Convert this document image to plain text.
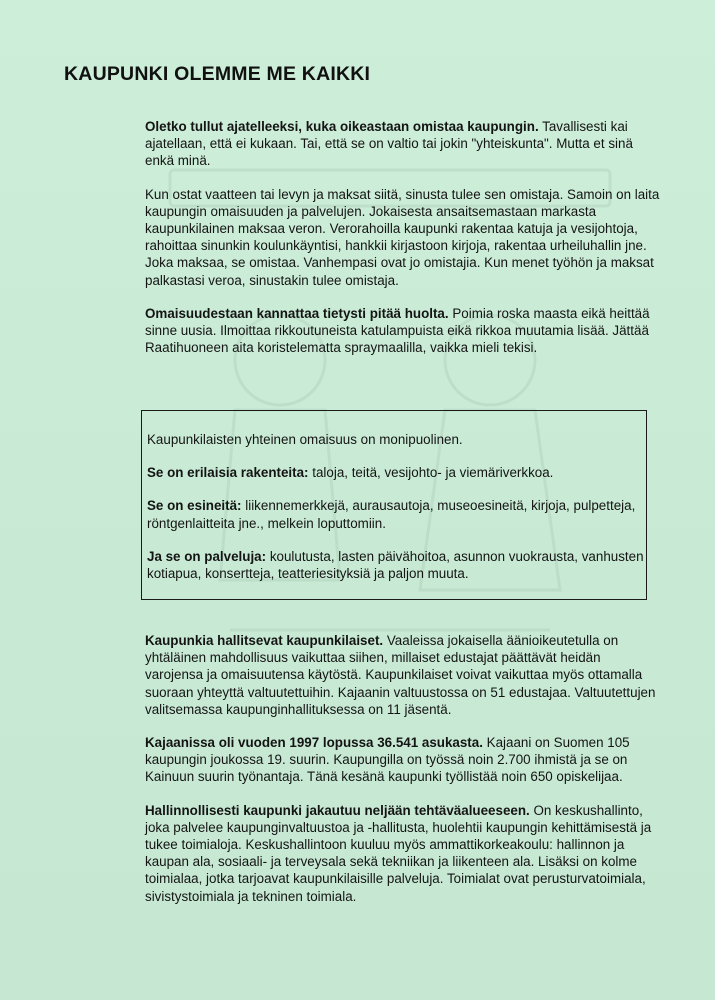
KAUPUNKI OLEMME ME KAIKKI

Oletko tullut ajatelleeksi, kuka oikeastaan omistaa kaupungin. Tavallisesti kai ajatellaan, että ei kukaan. Tai, että se on valtio tai jokin "yhteiskunta". Mutta et sinä enkä minä.

Kun ostat vaatteen tai levyn ja maksat siitä, sinusta tulee sen omistaja. Samoin on laita kaupungin omaisuuden ja palvelujen. Jokaisesta ansaitsemastaan markasta kaupunkilainen maksaa veron. Verorahoilla kaupunki rakentaa katuja ja vesijohtoja, rahoittaa sinunkin koulunkäyntisi, hankkii kirjastoon kirjoja, rakentaa urheiluhallin jne. Joka maksaa, se omistaa. Vanhempasi ovat jo omistajia. Kun menet työhön ja maksat palkastasi veroa, sinustakin tulee omistaja.

Omaisuudestaan kannattaa tietysti pitää huolta. Poimia roska maasta eikä heittää sinne uusia. Ilmoittaa rikkoutuneista katulampuista eikä rikkoa muutamia lisää. Jättää Raatihuoneen aita koristelematta spraymaalilla, vaikka mieli tekisi.

Kaupunkilaisten yhteinen omaisuus on monipuolinen.

Se on erilaisia rakenteita: taloja, teitä, vesijohto- ja viemäriverkkoa.

Se on esineitä: liikennemerkkejä, aurausautoja, museoesineitä, kirjoja, pulpetteja, röntgenlaitteita jne., melkein loputtomiin.

Ja se on palveluja: koulutusta, lasten päivähoitoa, asunnon vuokrausta, vanhusten kotiapua, konsertteja, teatteriesityksiä ja paljon muuta.

Kaupunkia hallitsevat kaupunkilaiset. Vaaleissa jokaisella äänioikeutetulla on yhtäläinen mahdollisuus vaikuttaa siihen, millaiset edustajat päättävät heidän varojensa ja omaisuutensa käytöstä. Kaupunkilaiset voivat vaikuttaa myös ottamalla suoraan yhteyttä valtuutettuihin. Kajaanin valtuustossa on 51 edustajaa. Valtuutettujen valitsemassa kaupunginhallituksessa on 11 jäsentä.

Kajaanissa oli vuoden 1997 lopussa 36.541 asukasta. Kajaani on Suomen 105 kaupungin joukossa 19. suurin. Kaupungilla on työssä noin 2.700 ihmistä ja se on Kainuun suurin työnantaja. Tänä kesänä kaupunki työllistää noin 650 opiskelijaa.

Hallinnollisesti kaupunki jakautuu neljään tehtäväalueeseen. On keskushallinto, joka palvelee kaupunginvaltuustoa ja -hallitusta, huolehtii kaupungin kehittämisestä ja tukee toimialoja. Keskushallintoon kuuluu myös ammattikorkeakoulu: hallinnon ja kaupan ala, sosiaali- ja terveysala sekä tekniikan ja liikenteen ala. Lisäksi on kolme toimialaa, jotka tarjoavat kaupunkilaisille palveluja. Toimialat ovat perusturvatoimiala, sivistystoimiala ja tekninen toimiala.
